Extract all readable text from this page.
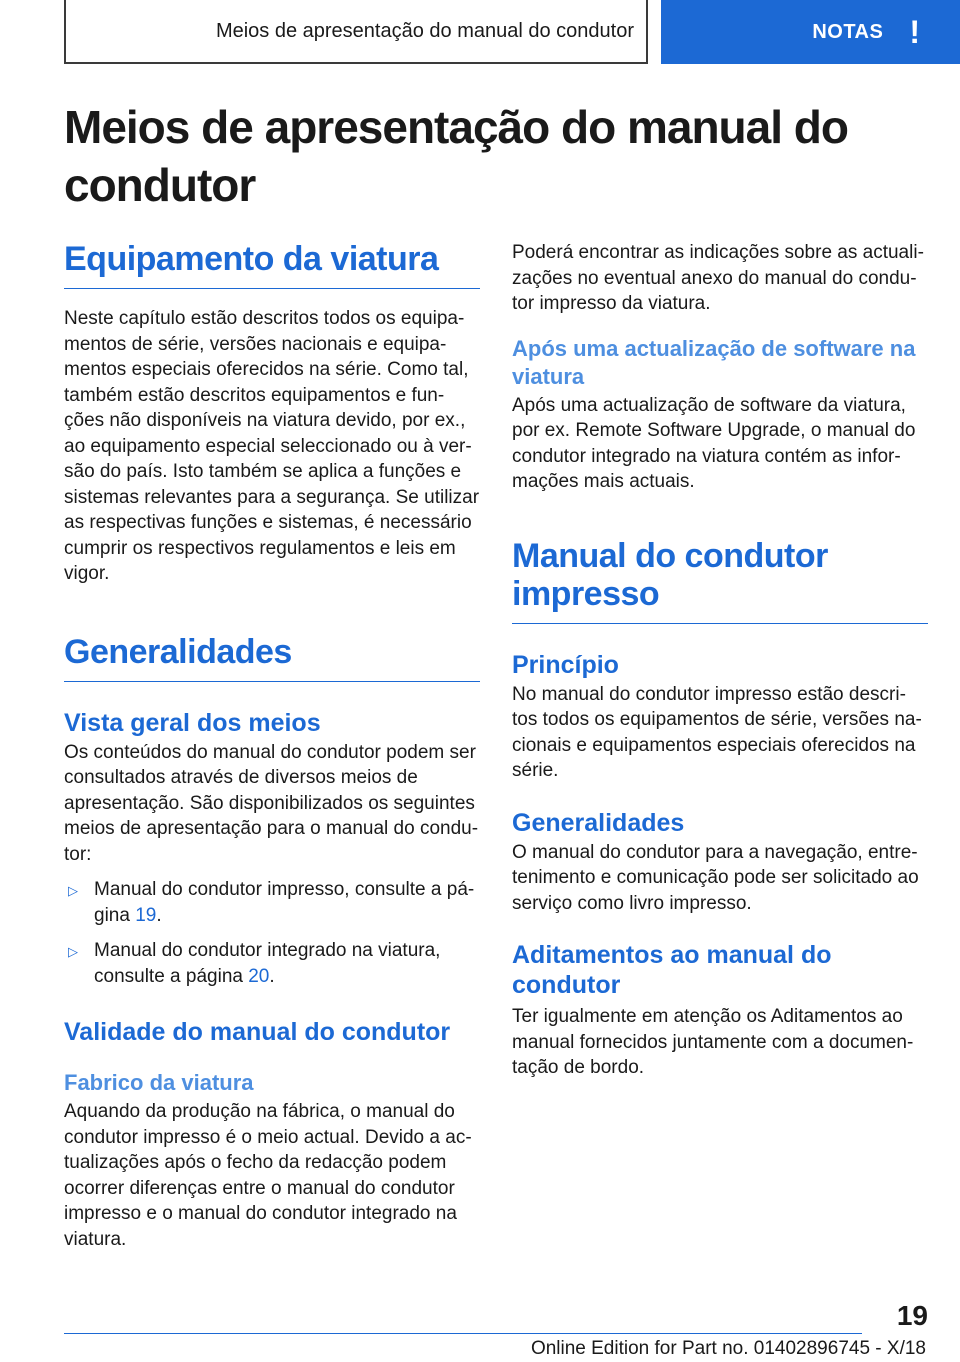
Meios de apresentação do manual do condutor	NOTAS !
Meios de apresentação do manual do
condutor
Equipamento da viatura

Neste capítulo estão descritos todos os equipa-mentos de série, versões nacionais e equipa-mentos especiais oferecidos na série. Como tal, também estão descritos equipamentos e fun-ções não disponíveis na viatura devido, por ex., ao equipamento especial seleccionado ou à ver-são do país. Isto também se aplica a funções e sistemas relevantes para a segurança. Se utilizar as respectivas funções e sistemas, é necessário cumprir os respectivos regulamentos e leis em vigor.

Generalidades
Vista geral dos meios

Os conteúdos do manual do condutor podem ser consultados através de diversos meios de apresentação. São disponibilizados os seguintes meios de apresentação para o manual do condu-tor:

▷ Manual do condutor impresso, consulte a pá-gina 19.
▷ Manual do condutor integrado na viatura, consulte a página 20.
Validade do manual do condutor
Fabrico da viatura

Aquando da produção na fábrica, o manual do condutor impresso é o meio actual. Devido a ac-tualizações após o fecho da redacção podem ocorrer diferenças entre o manual do condutor impresso e o manual do condutor integrado na viatura.

Poderá encontrar as indicações sobre as actuali-zações no eventual anexo do manual do condu-tor impresso da viatura.

Após uma actualização de software na viatura

Após uma actualização de software da viatura, por ex. Remote Software Upgrade, o manual do condutor integrado na viatura contém as infor-mações mais actuais.

Manual do condutor impresso
Princípio

No manual do condutor impresso estão descri-tos todos os equipamentos de série, versões na-cionais e equipamentos especiais oferecidos na série.

Generalidades

O manual do condutor para a navegação, entre-tenimento e comunicação pode ser solicitado ao serviço como livro impresso.

Aditamentos ao manual do condutor

Ter igualmente em atenção os Aditamentos ao manual fornecidos juntamente com a documen-tação de bordo.

19
Online Edition for Part no. 01402896745 - X/18
